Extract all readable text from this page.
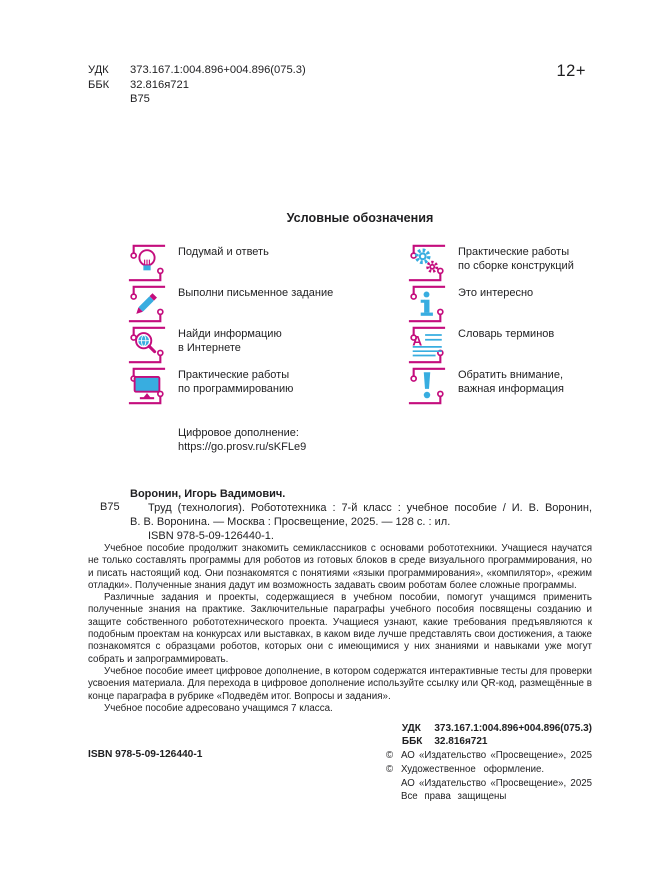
УДК	373.167.1:004.896+004.896(075.3)
ББК	32.816я721
В75
12+
Условные обозначения
Подумай и ответь
Выполни письменное задание
Найди информацию
в Интернете
Практические работы
по программированию
Практические работы
по сборке конструкций
Это интересно
А	Словарь терминов
Обратить внимание,
важная информация
Цифровое дополнение:
https://go.prosv.ru/sKFLe9
В75
Воронин, Игорь Вадимович.
Труд (технология). Робототехника : 7-й класс : учебное пособие / И. В. Воронин,
В. В. Воронина. — Москва : Просвещение, 2025. — 128 с. : ил.
ISBN 978-5-09-126440-1.

Учебное пособие продолжит знакомить семиклассников с основами робототехники. Учащиеся научатся не только составлять программы для роботов из готовых блоков в среде визуального программирования, но и писать настоящий код. Они познакомятся с понятиями «языки программирования», «компилятор», «режим отладки». Полученные знания дадут им возможность задавать своим роботам более сложные программы.

Различные задания и проекты, содержащиеся в учебном пособии, помогут учащимся применить полученные знания на практике. Заключительные параграфы учебного пособия посвящены созданию и защите собственного робототехнического проекта. Учащиеся узнают, какие требования предъявляются к подобным проектам на конкурсах или выставках, в каком виде лучше представлять свои достижения, а также познакомятся с образцами роботов, которых они с имеющимися у них знаниями и навыками уже могут собрать и запрограммировать.

Учебное пособие имеет цифровое дополнение, в котором содержатся интерактивные тесты для проверки усвоения материала. Для перехода в цифровое дополнение используйте ссылку или QR-код, размещённые в конце параграфа в рубрике «Подведём итог. Вопросы и задания».

Учебное пособие адресовано учащимся 7 класса.

УДК 373.167.1:004.896+004.896(075.3)
ББК 32.816я721
ISBN 978-5-09-126440-1	© АО «Издательство «Просвещение», 2025
© Художественное оформление.
АО «Издательство «Просвещение», 2025
Все права защищены
